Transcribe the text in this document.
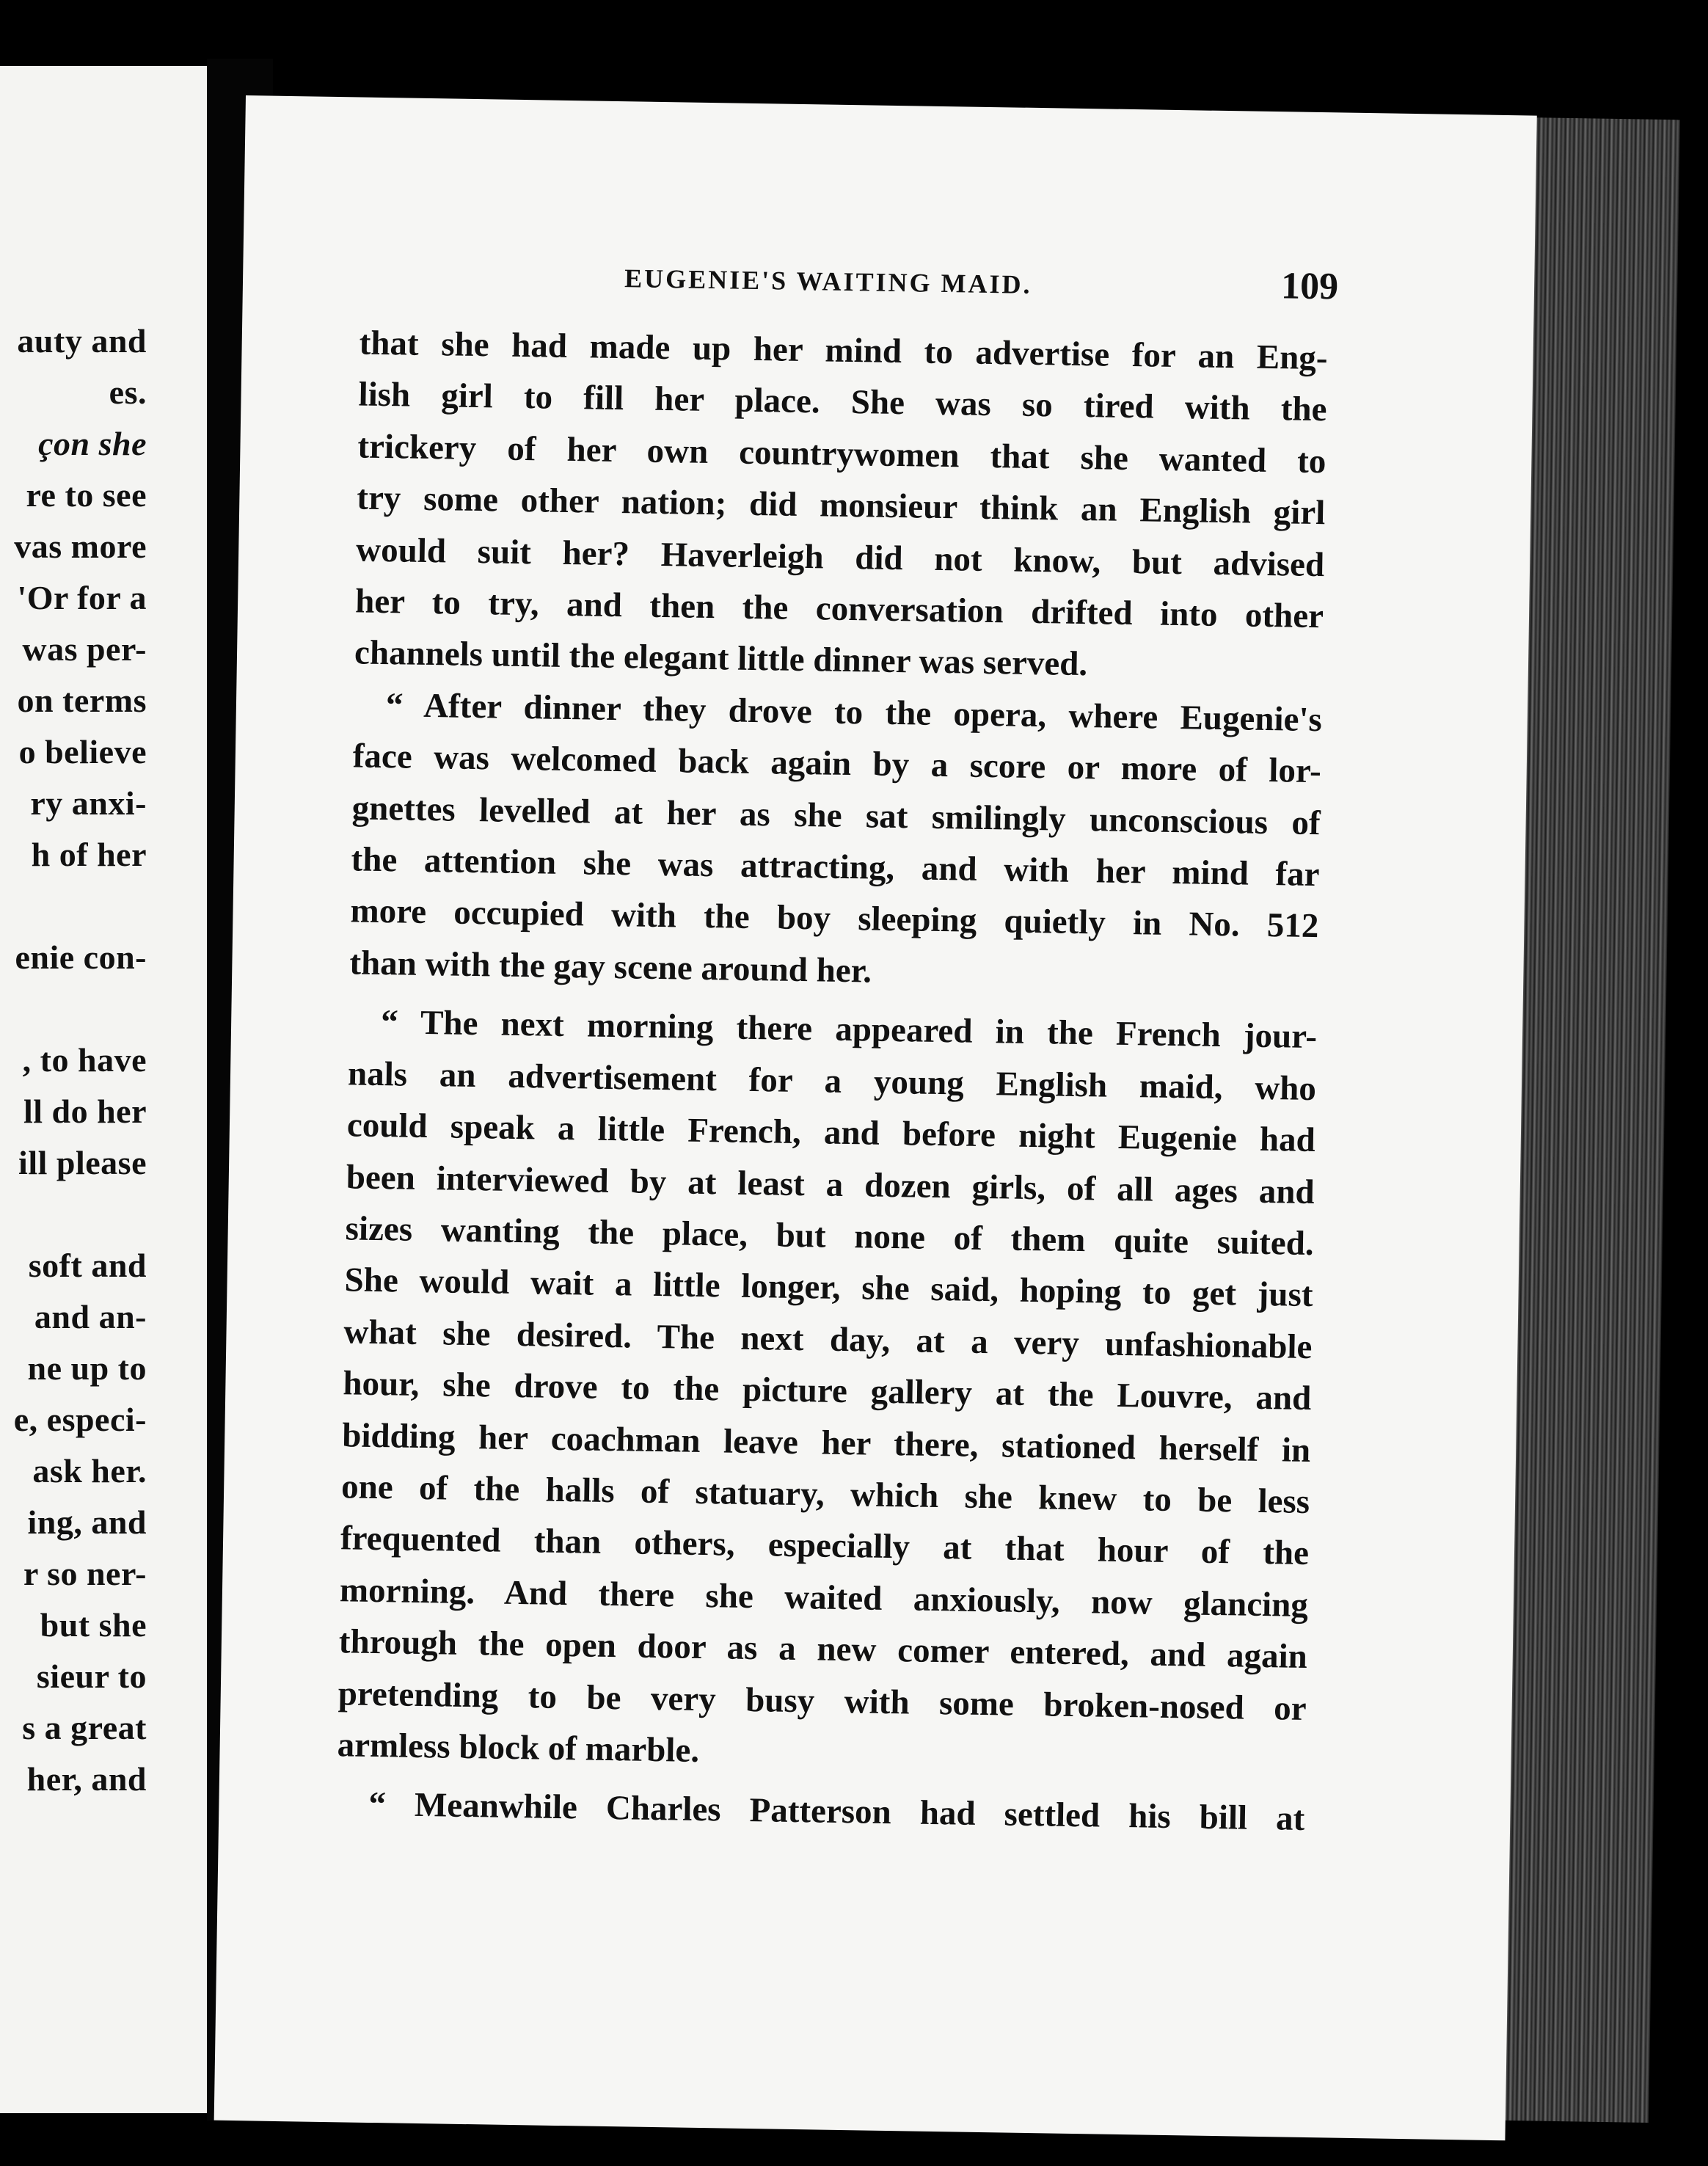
auty and
es.
çon she
re to see
vas more
'Or for a
was per-
on terms
o believe
ry anxi-
h of her
enie con-
, to have
ll do her
ill please
soft and
and an-
ne up to
e, especi-
ask her.
ing, and
r so ner-
but she
sieur to
s a great
her, and
EUGENIE'S WAITING MAID.	109
that she had made up her mind to advertise for an Eng-
lish girl to fill her place. She was so tired with the
trickery of her own countrywomen that she wanted to
try some other nation; did monsieur think an English girl
would suit her? Haverleigh did not know, but advised
her to try, and then the conversation drifted into other
channels until the elegant little dinner was served.
“ After dinner they drove to the opera, where Eugenie's
face was welcomed back again by a score or more of lor-
gnettes levelled at her as she sat smilingly unconscious of
the attention she was attracting, and with her mind far
more occupied with the boy sleeping quietly in No. 512
than with the gay scene around her.
“ The next morning there appeared in the French jour-
nals an advertisement for a young English maid, who
could speak a little French, and before night Eugenie had
been interviewed by at least a dozen girls, of all ages and
sizes wanting the place, but none of them quite suited.
She would wait a little longer, she said, hoping to get just
what she desired. The next day, at a very unfashionable
hour, she drove to the picture gallery at the Louvre, and
bidding her coachman leave her there, stationed herself in
one of the halls of statuary, which she knew to be less
frequented than others, especially at that hour of the
morning. And there she waited anxiously, now glancing
through the open door as a new comer entered, and again
pretending to be very busy with some broken-nosed or
armless block of marble.
“ Meanwhile Charles Patterson had settled his bill at
